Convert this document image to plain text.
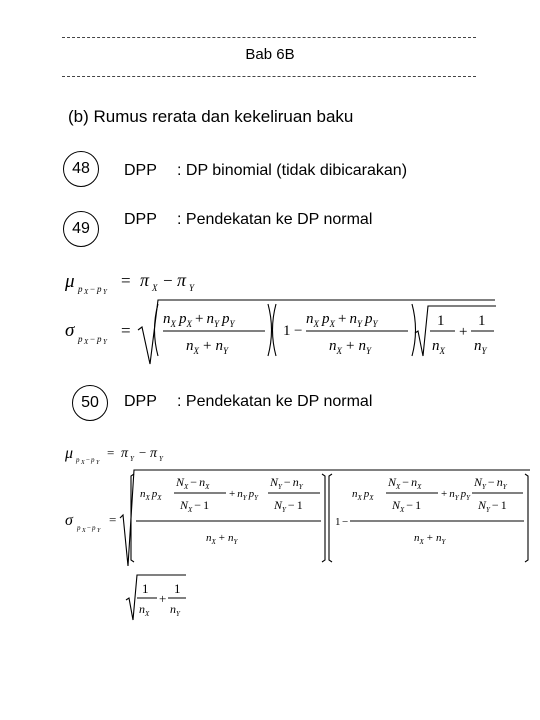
Bab 6B
(b) Rumus rerata dan kekeliruan baku
48	DPP : DP binomial (tidak dibicarakan)
49
DPP : Pendekatan ke DP normal
μ p X − p Y
= π X − π Y
σ p X − p Y
=
$n_X$ $p_X + n_Y$ $p_Y$
$n_X + n_Y$
1 −
$n_X$ $p_X + n_Y$ $p_Y$
$n_X + n_Y$
1
$n_X$
+
1
$n_Y$
50	DPP : Pendekatan ke DP normal
μ p X − p Y
= π Y − π Y
σ p X − p Y
=
$n_X$ $p_X$
$N_X - n_X$
$N_X - 1$
+ $n_Y$ $p_Y$
$N_Y - n_Y$
$N_Y - 1$
$n_X + n_Y$
1 −
$n_X$ $p_X$
$N_X - n_X$
$N_X - 1$
+ $n_Y$ $p_Y$
$N_Y - n_Y$
$N_Y - 1$
$n_X + n_Y$
1
$n_X$
+
1
$n_Y$
